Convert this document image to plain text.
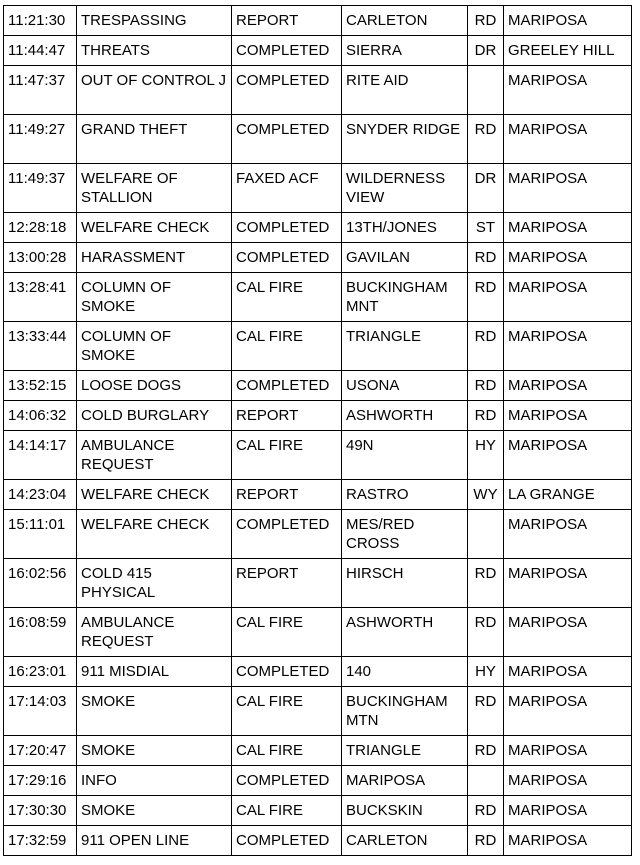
11:21:30	TRESPASSING	REPORT	CARLETON	RD	MARIPOSA
11:44:47	THREATS	COMPLETED	SIERRA	DR	GREELEY HILL
11:47:37	OUT OF CONTROL J	COMPLETED	RITE AID		MARIPOSA
11:49:27	GRAND THEFT	COMPLETED	SNYDER RIDGE	RD	MARIPOSA
11:49:37	WELFARE OF STALLION	FAXED ACF	WILDERNESS VIEW	DR	MARIPOSA
12:28:18	WELFARE CHECK	COMPLETED	13TH/JONES	ST	MARIPOSA
13:00:28	HARASSMENT	COMPLETED	GAVILAN	RD	MARIPOSA
13:28:41	COLUMN OF SMOKE	CAL FIRE	BUCKINGHAM MNT	RD	MARIPOSA
13:33:44	COLUMN OF SMOKE	CAL FIRE	TRIANGLE	RD	MARIPOSA
13:52:15	LOOSE DOGS	COMPLETED	USONA	RD	MARIPOSA
14:06:32	COLD BURGLARY	REPORT	ASHWORTH	RD	MARIPOSA
14:14:17	AMBULANCE REQUEST	CAL FIRE	49N	HY	MARIPOSA
14:23:04	WELFARE CHECK	REPORT	RASTRO	WY	LA GRANGE
15:11:01	WELFARE CHECK	COMPLETED	MES/RED CROSS		MARIPOSA
16:02:56	COLD 415 PHYSICAL	REPORT	HIRSCH	RD	MARIPOSA
16:08:59	AMBULANCE REQUEST	CAL FIRE	ASHWORTH	RD	MARIPOSA
16:23:01	911 MISDIAL	COMPLETED	140	HY	MARIPOSA
17:14:03	SMOKE	CAL FIRE	BUCKINGHAM MTN	RD	MARIPOSA
17:20:47	SMOKE	CAL FIRE	TRIANGLE	RD	MARIPOSA
17:29:16	INFO	COMPLETED	MARIPOSA		MARIPOSA
17:30:30	SMOKE	CAL FIRE	BUCKSKIN	RD	MARIPOSA
17:32:59	911 OPEN LINE	COMPLETED	CARLETON	RD	MARIPOSA
